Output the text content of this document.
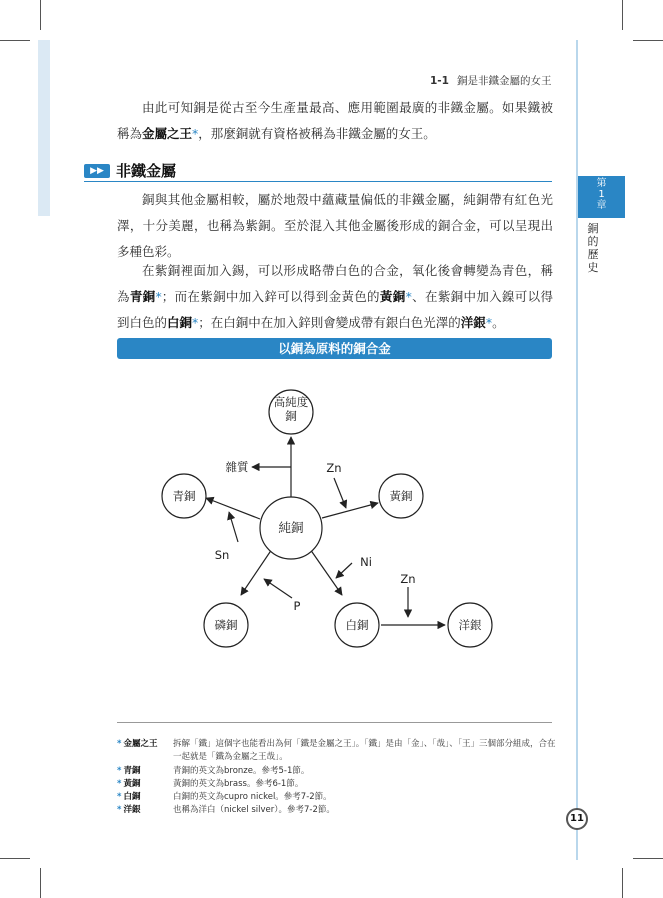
第
1
章
銅的歷史
1-1 銅是非鐵金屬的女王
由此可知銅是從古至今生產量最高、應用範圍最廣的非鐵金屬。如果鐵被稱為金屬之王*，那麼銅就有資格被稱為非鐵金屬的女王。
▶▶ 非鐵金屬
銅與其他金屬相較，屬於地殼中蘊藏量偏低的非鐵金屬，純銅帶有紅色光澤，十分美麗，也稱為紫銅。至於混入其他金屬後形成的銅合金，可以呈現出多種色彩。
在紫銅裡面加入錫，可以形成略帶白色的合金，氧化後會轉變為青色，稱為青銅*；而在紫銅中加入鋅可以得到金黃色的黃銅*、在紫銅中加入鎳可以得到白色的白銅*；在白銅中在加入鋅則會變成帶有銀白色光澤的洋銀*。
以銅為原料的銅合金
高純度銅
青銅	黃銅
純銅
磷銅	白銅	洋銀
雜質	Zn
Sn	Ni
P
Zn
* 金屬之王	拆解「鐵」這個字也能看出為何「鐵是金屬之王」。「鐵」是由「金」、「哉」、「王」三個部分組成，合在一起就是「鐵為金屬之王哉」。
* 青銅	青銅的英文為bronze。參考5-1節。
* 黃銅	黃銅的英文為brass。參考6-1節。
* 白銅	白銅的英文為cupro nickel。參考7-2節。
* 洋銀	也稱為洋白（nickel silver）。參考7-2節。
11
